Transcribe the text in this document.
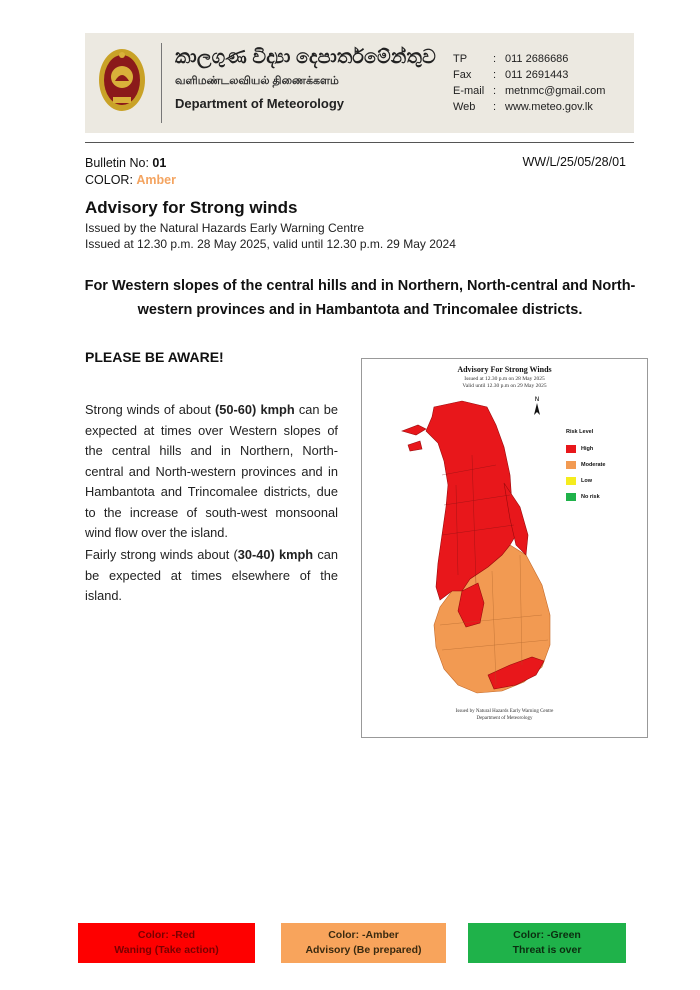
කාලගුණ විද්‍යා දෙපාර්තමේන්තුව
வளிமண்டலவியல் திணைக்களம்
Department of Meteorology
TP	: 011 2686686
Fax	: 011 2691443
E-mail : metnmc@gmail.com
Web	: www.meteo.gov.lk
Bulletin No: 01
COLOR: Amber
WW/L/25/05/28/01
Advisory for Strong winds
Issued by the Natural Hazards Early Warning Centre
Issued at 12.30 p.m. 28 May 2025, valid until 12.30 p.m. 29 May 2024
For Western slopes of the central hills and in Northern, North-central and North-western provinces and in Hambantota and Trincomalee districts.
PLEASE BE AWARE!
Strong winds of about (50-60) kmph can be expected at times over Western slopes of the central hills and in Northern, North-central and North-western provinces and in Hambantota and Trincomalee districts, due to the increase of south-west monsoonal wind flow over the island.
Fairly strong winds about (30-40) kmph can be expected at times elsewhere of the island.
Advisory For Strong Winds
Issued at 12.30 p.m on 28 May 2025
Valid until 12.30 p.m on 29 May 2025
N
Risk Level
High
Moderate
Low
No risk
Issued by Natural Hazards Early Warning Centre
Department of Meteorology
Color: -Red
Waning (Take action)
Color: -Amber
Advisory (Be prepared)
Color: -Green
Threat is over
